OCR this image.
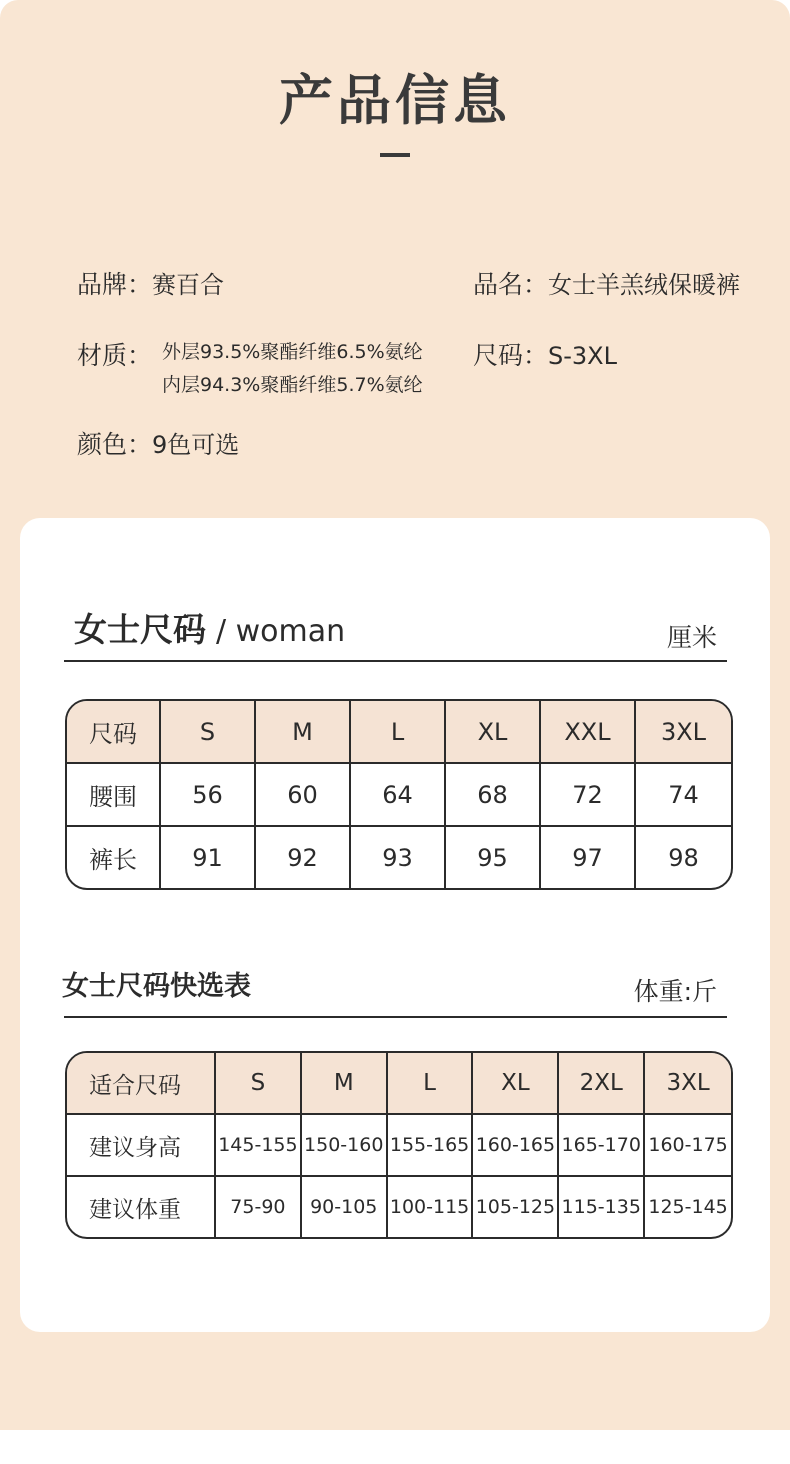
产品信息
品牌：赛百合	品名：女士羊羔绒保暖裤
材质： 外层93.5%聚酯纤维6.5%氨纶
内层94.3%聚酯纤维5.7%氨纶
尺码：S-3XL
颜色：9色可选
女士尺码 / woman	厘米
尺码	S	M	L	XL	XXL	3XL
腰围	56	60	64	68	72	74
裤长	91	92	93	95	97	98
女士尺码快选表	体重:斤
适合尺码	S	M	L	XL	2XL	3XL
建议身高	145-155	150-160	155-165	160-165	165-170	160-175
建议体重	75-90	90-105	100-115	105-125	115-135	125-145
